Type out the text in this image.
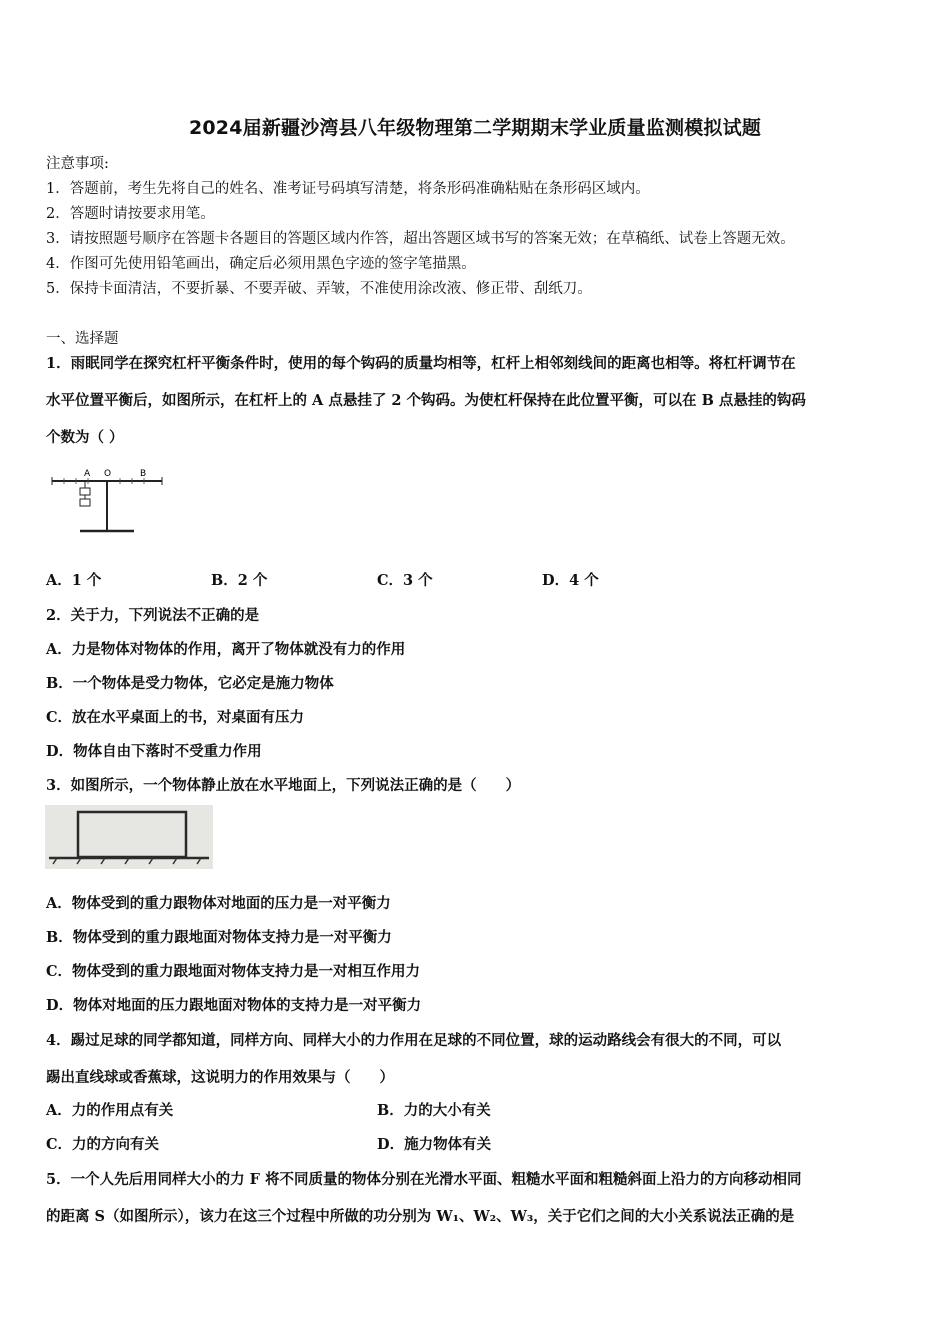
2024届新疆沙湾县八年级物理第二学期期末学业质量监测模拟试题
注意事项:
1．答题前，考生先将自己的姓名、准考证号码填写清楚，将条形码准确粘贴在条形码区域内。
2．答题时请按要求用笔。
3．请按照题号顺序在答题卡各题目的答题区域内作答，超出答题区域书写的答案无效；在草稿纸、试卷上答题无效。
4．作图可先使用铅笔画出，确定后必须用黑色字迹的签字笔描黑。
5．保持卡面清洁，不要折暴、不要弄破、弄皱，不准使用涂改液、修正带、刮纸刀。
一、选择题
1．雨眠同学在探究杠杆平衡条件时，使用的每个钩码的质量均相等，杠杆上相邻刻线间的距离也相等。将杠杆调节在
水平位置平衡后，如图所示，在杠杆上的 A 点悬挂了 2 个钩码。为使杠杆保持在此位置平衡，可以在 B 点悬挂的钩码
个数为（ ）
A O	B
A．1 个	B．2 个	C．3 个	D．4 个
2．关于力，下列说法不正确的是
A．力是物体对物体的作用，离开了物体就没有力的作用
B．一个物体是受力物体，它必定是施力物体
C．放在水平桌面上的书，对桌面有压力
D．物体自由下落时不受重力作用
3．如图所示，一个物体静止放在水平地面上，下列说法正确的是（　　）
A．物体受到的重力跟物体对地面的压力是一对平衡力
B．物体受到的重力跟地面对物体支持力是一对平衡力
C．物体受到的重力跟地面对物体支持力是一对相互作用力
D．物体对地面的压力跟地面对物体的支持力是一对平衡力
4．踢过足球的同学都知道，同样方向、同样大小的力作用在足球的不同位置，球的运动路线会有很大的不同，可以
踢出直线球或香蕉球，这说明力的作用效果与（　　）
A．力的作用点有关	B．力的大小有关
C．力的方向有关	D．施力物体有关
5．一个人先后用同样大小的力 F 将不同质量的物体分别在光滑水平面、粗糙水平面和粗糙斜面上沿力的方向移动相同
的距离 S（如图所示），该力在这三个过程中所做的功分别为 W₁、W₂、W₃，关于它们之间的大小关系说法正确的是
